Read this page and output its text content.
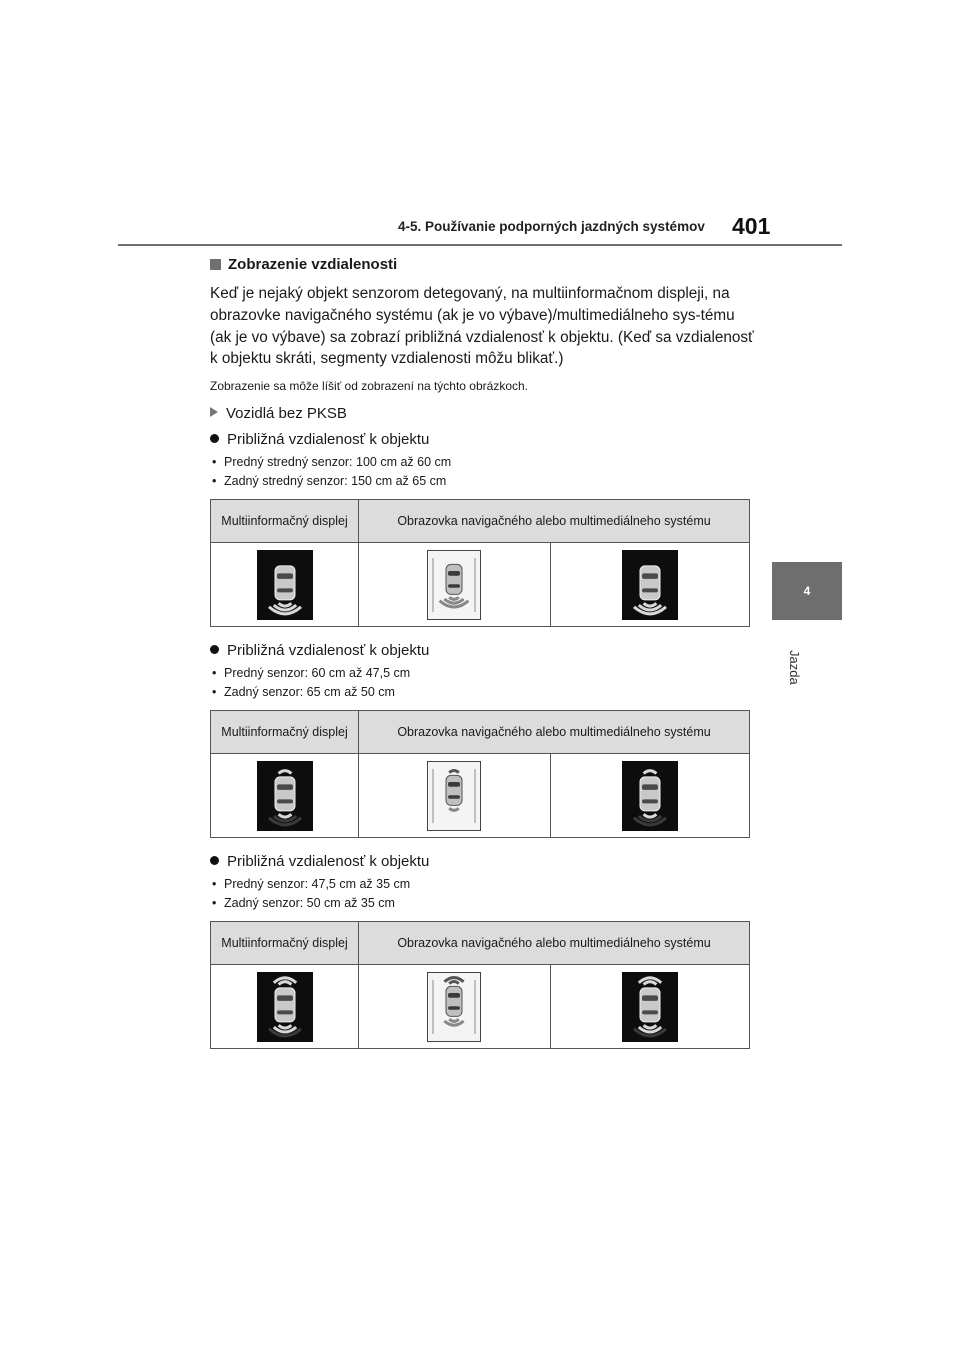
4-5. Používanie podporných jazdných systémov 401
4
Jazda
Zobrazenie vzdialenosti

Keď je nejaký objekt senzorom detegovaný, na multiinformačnom displeji, na obrazovke navigačného systému (ak je vo výbave)/multimediálneho sys-tému (ak je vo výbave) sa zobrazí približná vzdialenosť k objektu. (Keď sa vzdialenosť k objektu skráti, segmenty vzdialenosti môžu blikať.)

Zobrazenie sa môže líšiť od zobrazení na týchto obrázkoch.

Vozidlá bez PKSB
Približná vzdialenosť k objektu
• Predný stredný senzor: 100 cm až 60 cm
• Zadný stredný senzor: 150 cm až 65 cm
Multiinformačný displej	Obrazovka navigačného alebo multimediálneho systému	

Približná vzdialenosť k objektu
• Predný senzor: 60 cm až 47,5 cm
• Zadný senzor: 65 cm až 50 cm
Multiinformačný displej	Obrazovka navigačného alebo multimediálneho systému	

Približná vzdialenosť k objektu
• Predný senzor: 47,5 cm až 35 cm
• Zadný senzor: 50 cm až 35 cm
Multiinformačný displej	Obrazovka navigačného alebo multimediálneho systému	
